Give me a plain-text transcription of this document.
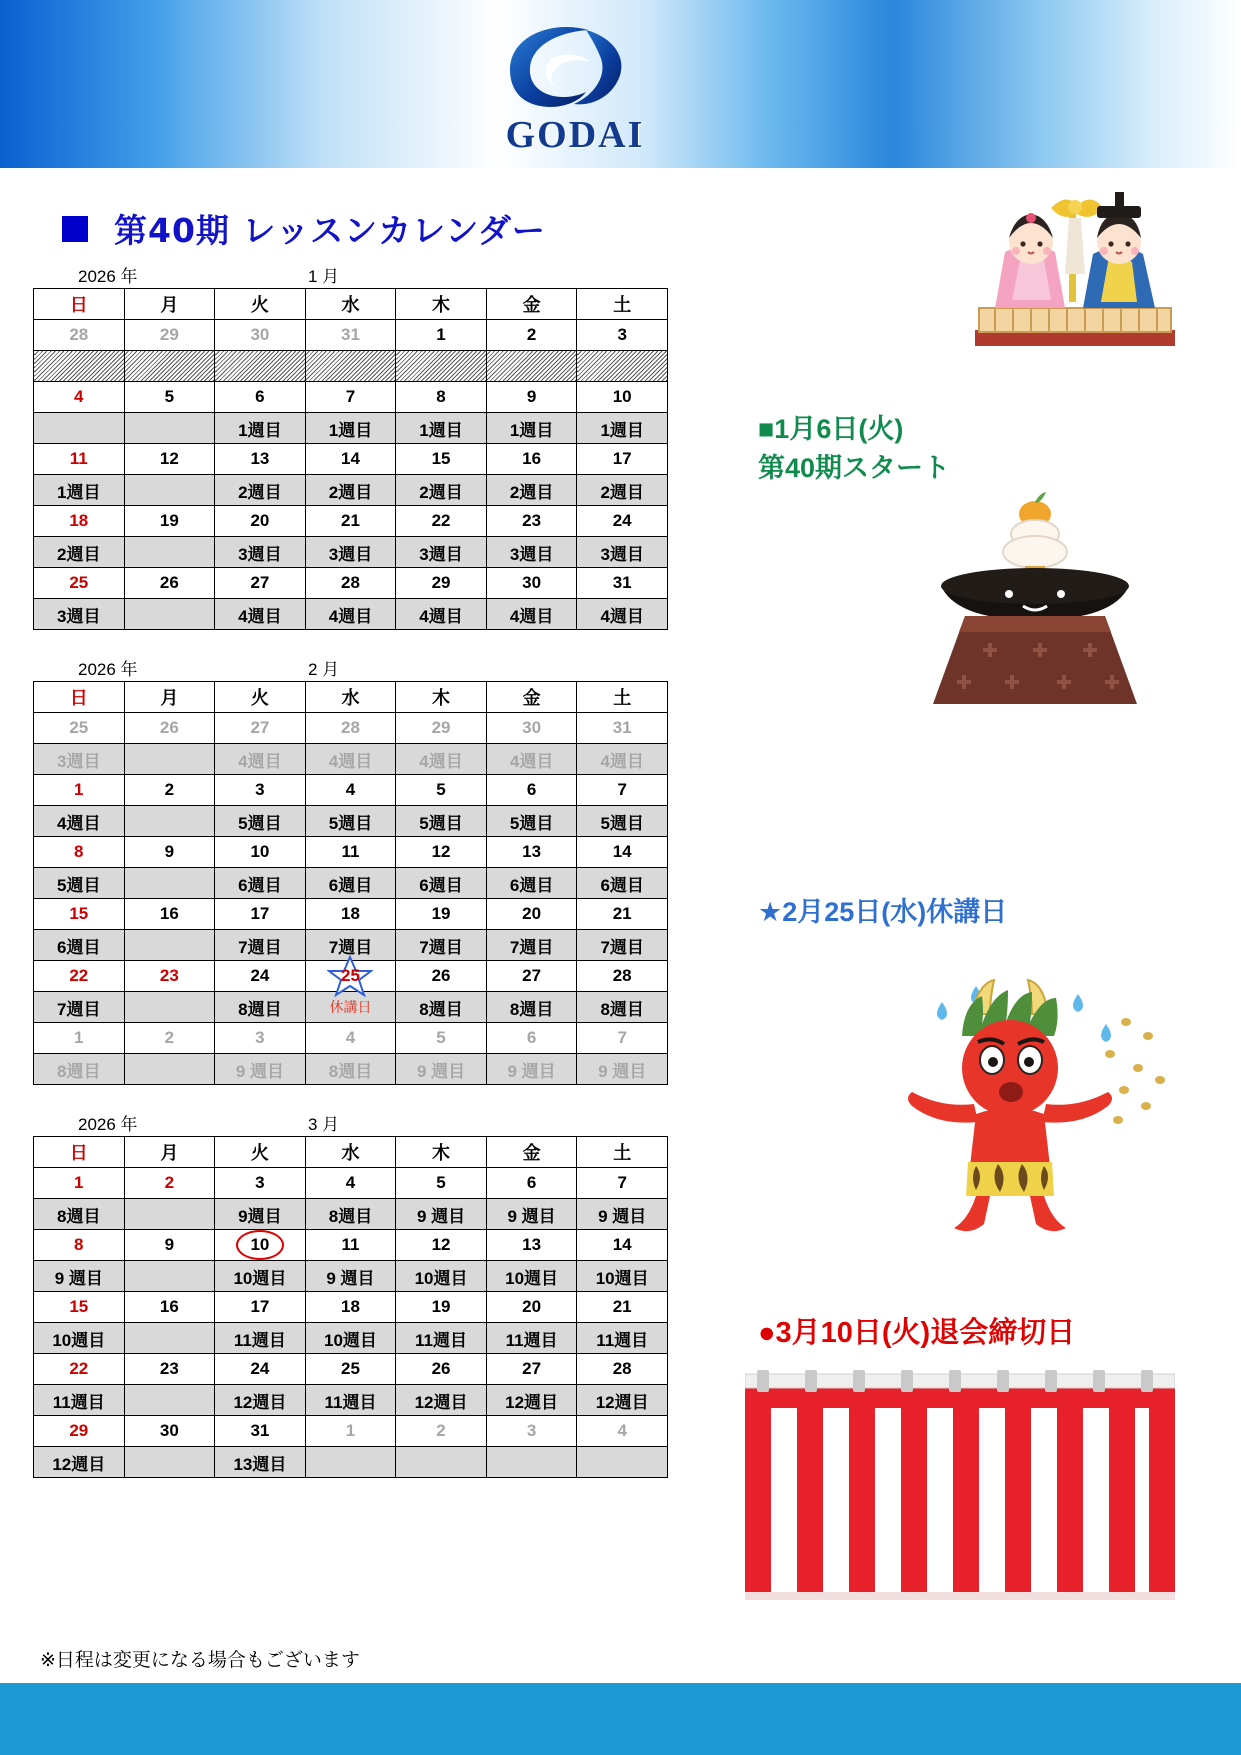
GODAI
第40期 レッスンカレンダー
2026 年	1 月
日	月	火	水	木	金	土
28	29	30	31	1	2	3

4	5	6	7	8	9	10
		1週目	1週目	1週目	1週目	1週目
11	12	13	14	15	16	17
1週目		2週目	2週目	2週目	2週目	2週目
18	19	20	21	22	23	24
2週目		3週目	3週目	3週目	3週目	3週目
25	26	27	28	29	30	31
3週目		4週目	4週目	4週目	4週目	4週目
2026 年	2 月
日	月	火	水	木	金	土
25	26	27	28	29	30	31
3週目		4週目	4週目	4週目	4週目	4週目
1	2	3	4	5	6	7
4週目		5週目	5週目	5週目	5週目	5週目
8	9	10	11	12	13	14
5週目		6週目	6週目	6週目	6週目	6週目
15	16	17	18	19	20	21
6週目		7週目	7週目	7週目	7週目	7週目
22	23	24	25	26	27	28
7週目		8週目	休講日	8週目	8週目	8週目
1	2	3	4	5	6	7
8週目		9 週目	8週目	9 週目	9 週目	9 週目
2026 年	3 月
日	月	火	水	木	金	土
1	2	3	4	5	6	7
8週目		9週目	8週目	9 週目	9 週目	9 週目
8	9	10	11	12	13	14
9 週目		10週目	9 週目	10週目	10週目	10週目
15	16	17	18	19	20	21
10週目		11週目	10週目	11週目	11週目	11週目
22	23	24	25	26	27	28
11週目		12週目	11週目	12週目	12週目	12週目
29	30	31	1	2	3	4
12週目		13週目				
■1月6日(火)
第40期スタート
★2月25日(水)休講日
●3月10日(火)退会締切日
※日程は変更になる場合もございます
